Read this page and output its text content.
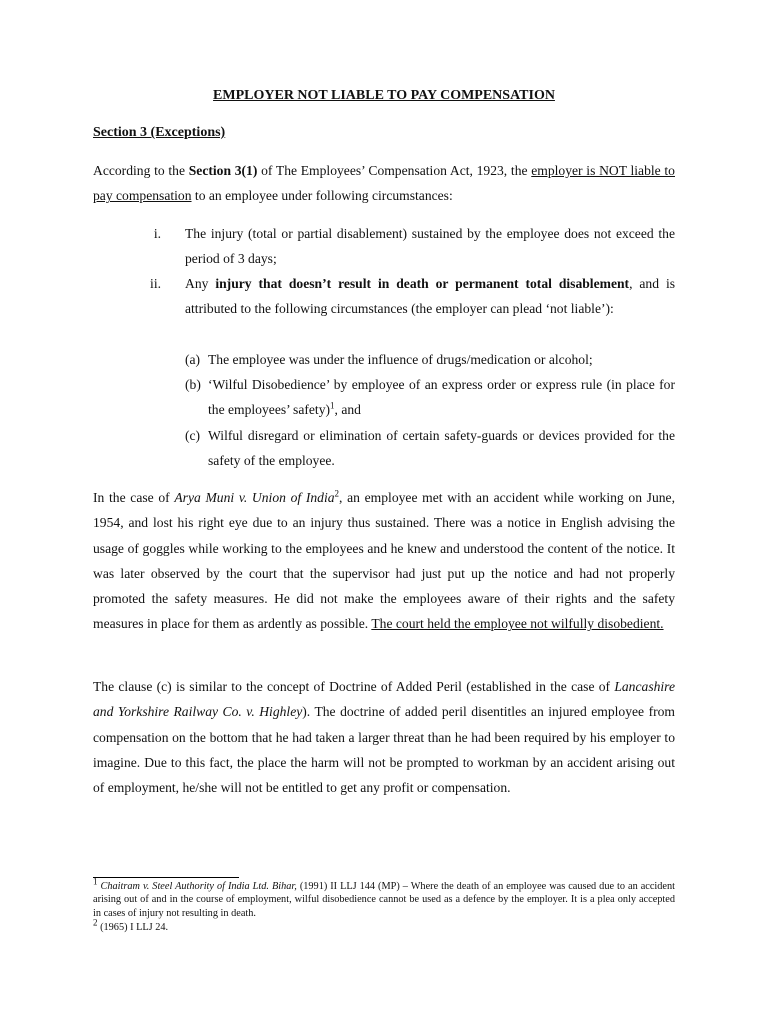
EMPLOYER NOT LIABLE TO PAY COMPENSATION
Section 3 (Exceptions)
According to the Section 3(1) of The Employees’ Compensation Act, 1923, the employer is NOT liable to pay compensation to an employee under following circumstances:
i. The injury (total or partial disablement) sustained by the employee does not exceed the period of 3 days;
ii. Any injury that doesn’t result in death or permanent total disablement, and is attributed to the following circumstances (the employer can plead ‘not liable’):
(a) The employee was under the influence of drugs/medication or alcohol;
(b) ‘Wilful Disobedience’ by employee of an express order or express rule (in place for the employees’ safety)$^1$, and
(c) Wilful disregard or elimination of certain safety-guards or devices provided for the safety of the employee.
In the case of Arya Muni v. Union of India$^2$, an employee met with an accident while working on June, 1954, and lost his right eye due to an injury thus sustained. There was a notice in English advising the usage of goggles while working to the employees and he knew and understood the content of the notice. It was later observed by the court that the supervisor had just put up the notice and had not properly promoted the safety measures. He did not make the employees aware of their rights and the safety measures in place for them as ardently as possible. The court held the employee not wilfully disobedient.
The clause (c) is similar to the concept of Doctrine of Added Peril (established in the case of Lancashire and Yorkshire Railway Co. v. Highley). The doctrine of added peril disentitles an injured employee from compensation on the bottom that he had taken a larger threat than he had been required by his employer to imagine. Due to this fact, the place the harm will not be prompted to workman by an accident arising out of employment, he/she will not be entitled to get any profit or compensation.
$^1$ Chaitram v. Steel Authority of India Ltd. Bihar, (1991) II LLJ 144 (MP) – Where the death of an employee was caused due to an accident arising out of and in the course of employment, wilful disobedience cannot be used as a defence by the employer. It is a plea only accepted in cases of injury not resulting in death.
$^2$ (1965) I LLJ 24.
